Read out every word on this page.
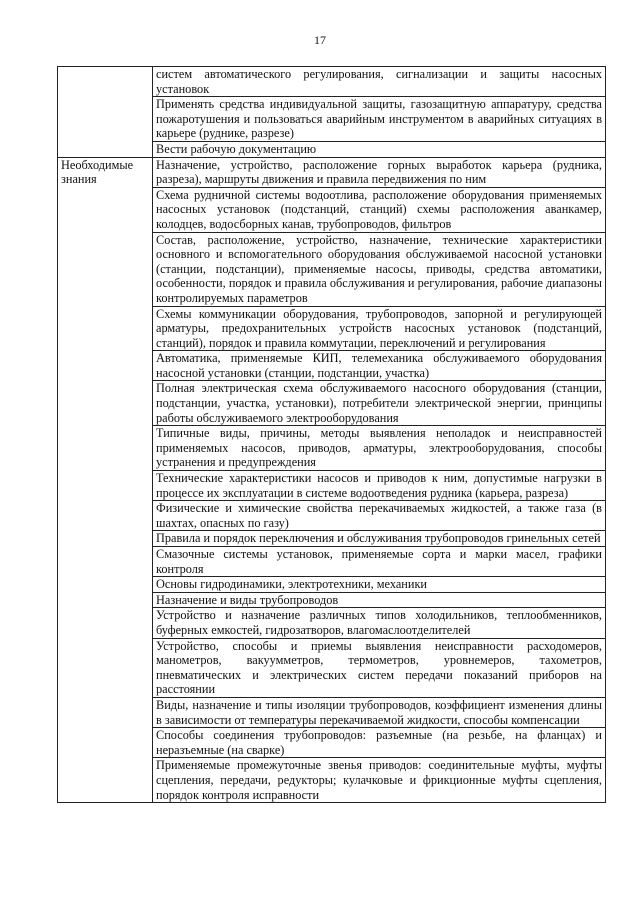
17
	систем автоматического регулирования, сигнализации и защиты насосных установок
	Применять средства индивидуальной защиты, газозащитную аппаратуру, средства пожаротушения и пользоваться аварийным инструментом в аварийных ситуациях в карьере (руднике, разрезе)
	Вести рабочую документацию
Необходимые знания	Назначение, устройство, расположение горных выработок карьера (рудника, разреза), маршруты движения и правила передвижения по ним
	Схема рудничной системы водоотлива, расположение оборудования применяемых насосных установок (подстанций, станций) схемы расположения аванкамер, колодцев, водосборных канав, трубопроводов, фильтров
	Состав, расположение, устройство, назначение, технические характеристики основного и вспомогательного оборудования обслуживаемой насосной установки (станции, подстанции), применяемые насосы, приводы, средства автоматики, особенности, порядок и правила обслуживания и регулирования, рабочие диапазоны контролируемых параметров
	Схемы коммуникации оборудования, трубопроводов, запорной и регулирующей арматуры, предохранительных устройств насосных установок (подстанций, станций), порядок и правила коммутации, переключений и регулирования
	Автоматика, применяемые КИП, телемеханика обслуживаемого оборудования насосной установки (станции, подстанции, участка)
	Полная электрическая схема обслуживаемого насосного оборудования (станции, подстанции, участка, установки), потребители электрической энергии, принципы работы обслуживаемого электрооборудования
	Типичные виды, причины, методы выявления неполадок и неисправностей применяемых насосов, приводов, арматуры, электрооборудования, способы устранения и предупреждения
	Технические характеристики насосов и приводов к ним, допустимые нагрузки в процессе их эксплуатации в системе водоотведения рудника (карьера, разреза)
	Физические и химические свойства перекачиваемых жидкостей, а также газа (в шахтах, опасных по газу)
	Правила и порядок переключения и обслуживания трубопроводов гринельных сетей
	Смазочные системы установок, применяемые сорта и марки масел, графики контроля
	Основы гидродинамики, электротехники, механики
	Назначение и виды трубопроводов
	Устройство и назначение различных типов холодильников, теплообменников, буферных емкостей, гидрозатворов, влагомаслоотделителей
	Устройство, способы и приемы выявления неисправности расходомеров, манометров, вакуумметров, термометров, уровнемеров, тахометров, пневматических и электрических систем передачи показаний приборов на расстоянии
	Виды, назначение и типы изоляции трубопроводов, коэффициент изменения длины в зависимости от температуры перекачиваемой жидкости, способы компенсации
	Способы соединения трубопроводов: разъемные (на резьбе, на фланцах) и неразъемные (на сварке)
	Применяемые промежуточные звенья приводов: соединительные муфты, муфты сцепления, передачи, редукторы; кулачковые и фрикционные муфты сцепления, порядок контроля исправности
